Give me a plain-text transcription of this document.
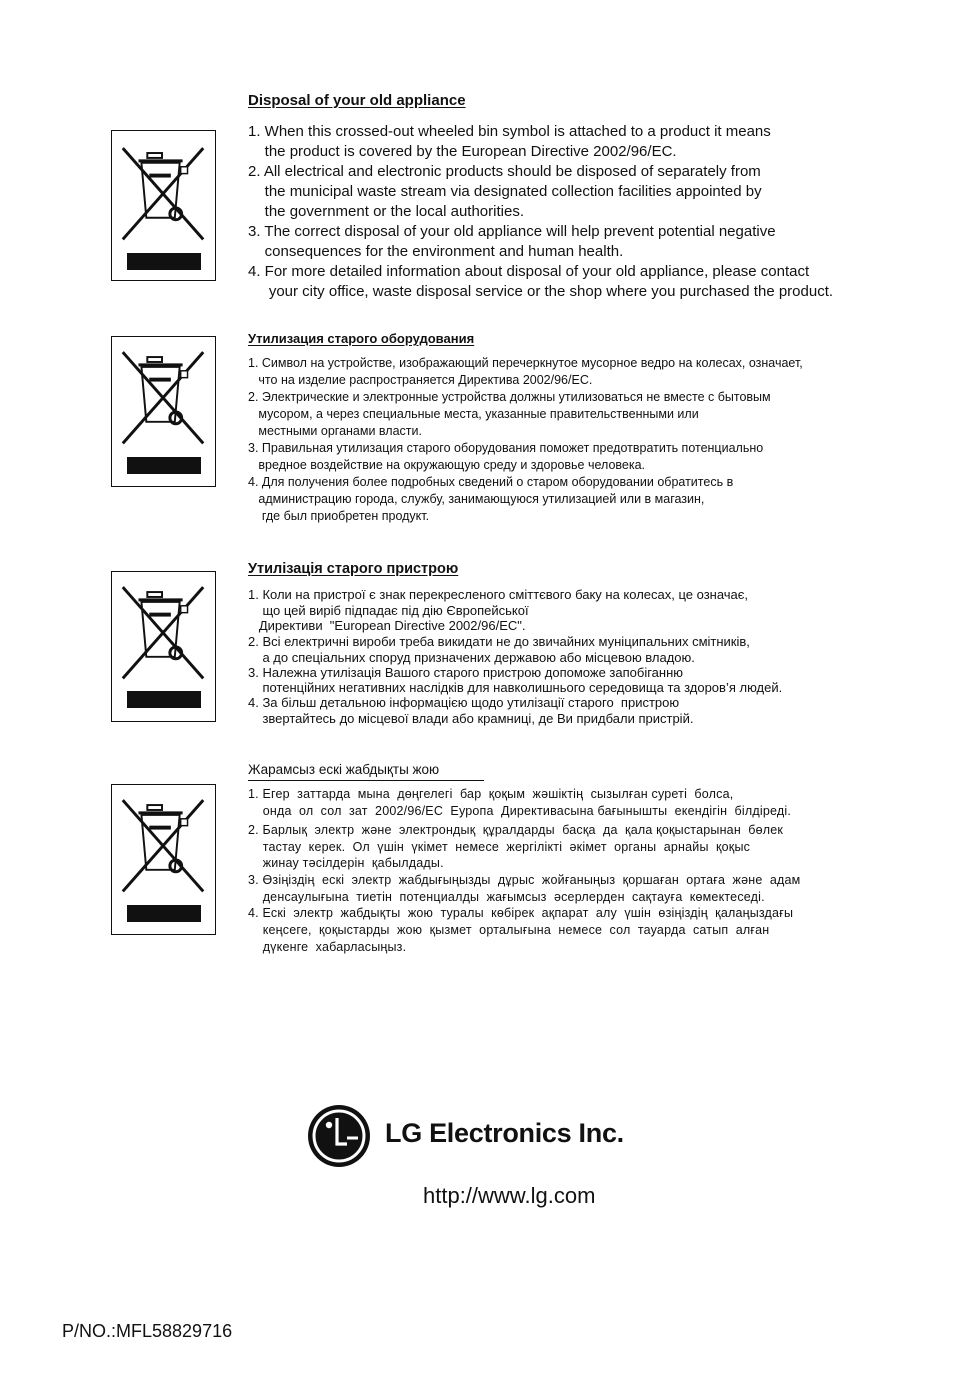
Disposal of your old appliance
1. When this crossed-out wheeled bin symbol is attached to a product it means
the product is covered by the European Directive 2002/96/EC.
2. All electrical and electronic products should be disposed of separately from
the municipal waste stream via designated collection facilities appointed by
the government or the local authorities.
3. The correct disposal of your old appliance will help prevent potential negative
consequences for the environment and human health.
4. For more detailed information about disposal of your old appliance, please contact
your city office, waste disposal service or the shop where you purchased the product.
Утилизация старого оборудования
1. Символ на устройстве, изображающий перечеркнутое мусорное ведро на колесах, означает,
что на изделие распространяется Директива 2002/96/EC.
2. Электрические и электронные устройства должны утилизоваться не вместе с бытовым
мусором, а через специальные места, указанные правительственными или
местными органами власти.
3. Правильная утилизация старого оборудования поможет предотвратить потенциально
вредное воздействие на окружающую среду и здоровье человека.
4. Для получения более подробных сведений о старом оборудовании обратитесь в
администрацию города, службу, занимающуюся утилизацией или в магазин,
где был приобретен продукт.
Утилізація старого пристрою
1. Коли на пристрої є знак перекресленого сміттєвого баку на колесах, це означає,
що цей виріб підпадає під дію Європейської
Директиви  "European Directive 2002/96/EC".
2. Всі електричні вироби треба викидати не до звичайних муніципальних смітників,
а до спеціальних споруд призначених державою або місцевою владою.
3. Належна утилізація Вашого старого пристрою допоможе запобіганню
потенційних негативних наслідків для навколишнього середовища та здоров’я людей.
4. За більш детальною інформацією щодо утилізації старого  пристрою
звертайтесь до місцевої влади або крамниці, де Ви придбали пристрій.
Жарамсыз ескі жабдықты жою
1. Егер  заттарда  мына  дөңгелегі  бар  қоқым  жәшіктің  сызылған суреті  болса,
онда  ол  сол  зат  2002/96/ЕС  Еуропа  Директивасына бағынышты  екендігін  білдіреді.
2. Барлық  электр  және  электрондық  құралдарды  басқа  да  қала қоқыстарынан  бөлек
тастау  керек.  Ол  үшін  үкімет  немесе  жергілікті  әкімет  органы  арнайы  қоқыс
жинау тәсілдерін  қабылдады.
3. Өзіңіздің  ескі  электр  жабдығыңызды  дұрыс  жойғаныңыз  қоршаған  ортаға  және  адам
денсаулығына  тиетін  потенциалды  жағымсыз  әсерлерден  сақтауға  көмектеседі.
4. Ескі  электр  жабдықты  жою  туралы  көбірек  ақпарат  алу  үшін  өзіңіздің  қалаңыздағы
кеңсеге,  қоқыстарды  жою  қызмет  орталығына  немесе  сол  тауарда  сатып  алған
дүкенге  хабарласыңыз.
LG Electronics Inc.
http://www.lg.com
P/NO.:MFL58829716
